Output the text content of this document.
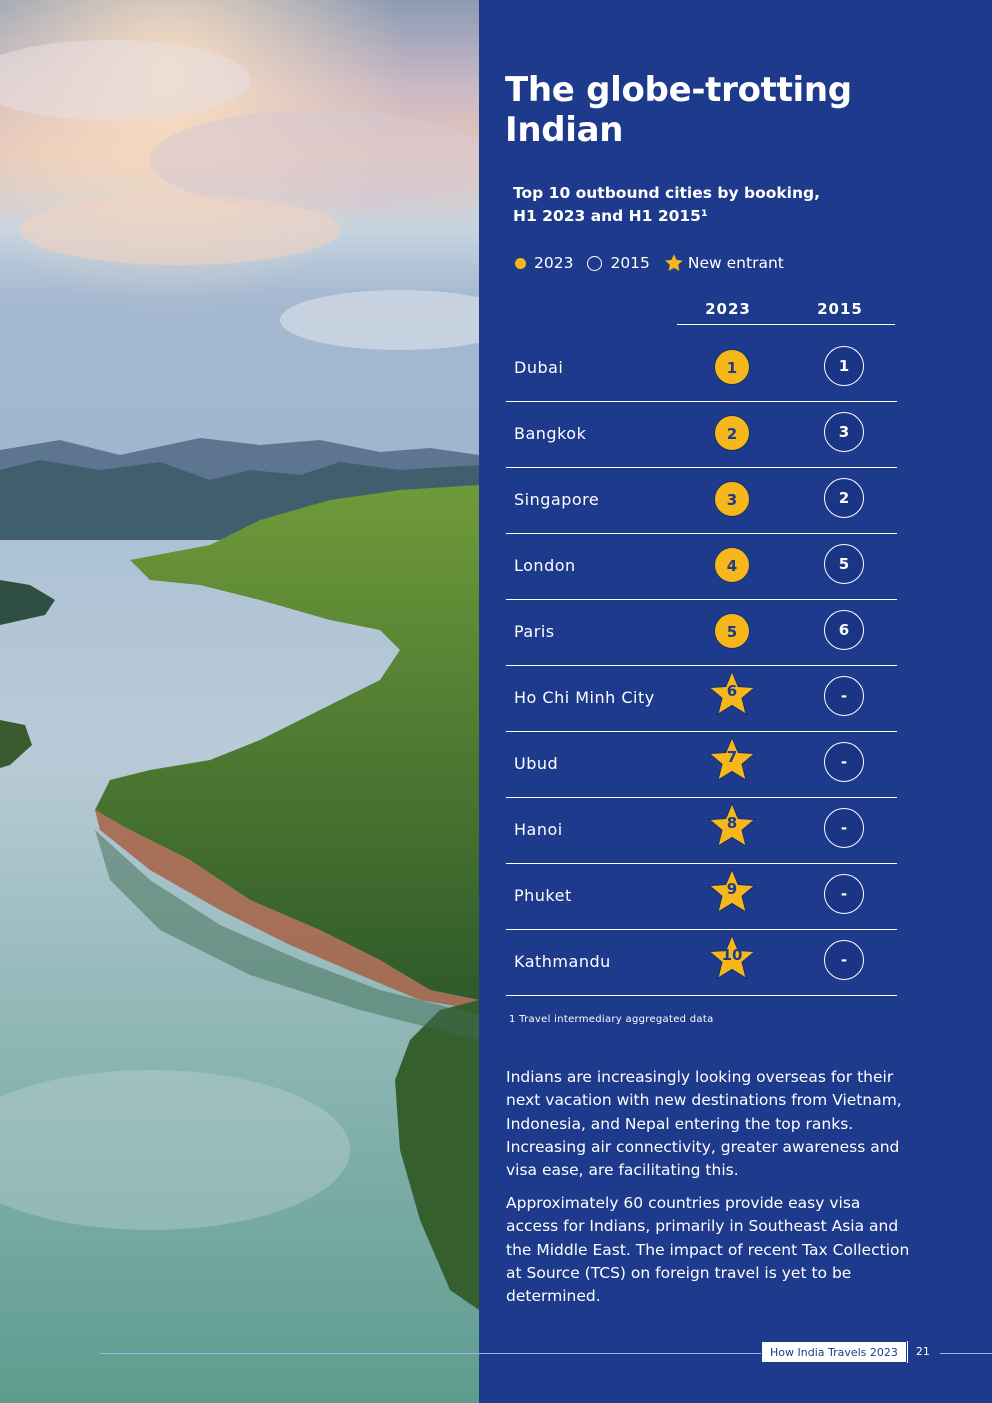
The globe-trotting
Indian
Top 10 outbound cities by booking,
H1 2023 and H1 2015¹
2023 2015 New entrant
2023	2015
Dubai	1	1
Bangkok	2	3
Singapore	3	2
London	4	5
Paris	5	6
Ho Chi Minh City	6	-
Ubud	7	-
Hanoi	8	-
Phuket	9	-
Kathmandu	10	-
1 Travel intermediary aggregated data

Indians are increasingly looking overseas for their next vacation with new destinations from Vietnam, Indonesia, and Nepal entering the top ranks. Increasing air connectivity, greater awareness and visa ease, are facilitating this.

Approximately 60 countries provide easy visa access for Indians, primarily in Southeast Asia and the Middle East. The impact of recent Tax Collection at Source (TCS) on foreign travel is yet to be determined.

How India Travels 2023	21
